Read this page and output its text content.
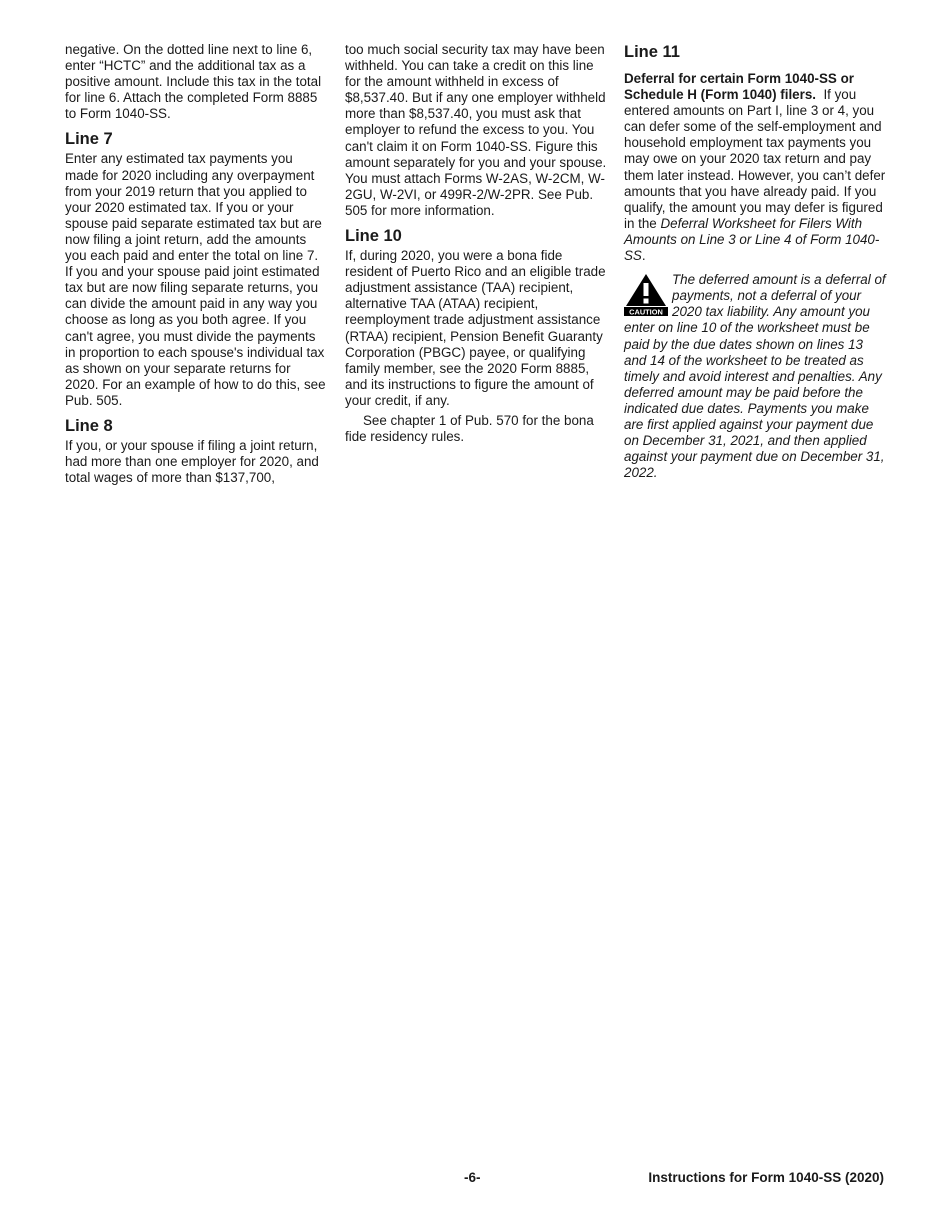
negative. On the dotted line next to line 6, enter “HCTC” and the additional tax as a positive amount. Include this tax in the total for line 6. Attach the completed Form 8885 to Form 1040-SS.

Line 7

Enter any estimated tax payments you made for 2020 including any overpayment from your 2019 return that you applied to your 2020 estimated tax. If you or your spouse paid separate estimated tax but are now filing a joint return, add the amounts you each paid and enter the total on line 7. If you and your spouse paid joint estimated tax but are now filing separate returns, you can divide the amount paid in any way you choose as long as you both agree. If you can't agree, you must divide the payments in proportion to each spouse's individual tax as shown on your separate returns for 2020. For an example of how to do this, see Pub. 505.

Line 8

If you, or your spouse if filing a joint return, had more than one employer for 2020, and total wages of more than $137,700,

too much social security tax may have been withheld. You can take a credit on this line for the amount withheld in excess of $8,537.40. But if any one employer withheld more than $8,537.40, you must ask that employer to refund the excess to you. You can't claim it on Form 1040-SS. Figure this amount separately for you and your spouse. You must attach Forms W-2AS, W-2CM, W-2GU, W-2VI, or 499R-2/W-2PR. See Pub. 505 for more information.

Line 10

If, during 2020, you were a bona fide resident of Puerto Rico and an eligible trade adjustment assistance (TAA) recipient, alternative TAA (ATAA) recipient, reemployment trade adjustment assistance (RTAA) recipient, Pension Benefit Guaranty Corporation (PBGC) payee, or qualifying family member, see the 2020 Form 8885, and its instructions to figure the amount of your credit, if any.

See chapter 1 of Pub. 570 for the bona fide residency rules.

Line 11

Deferral for certain Form 1040-SS or Schedule H (Form 1040) filers. If you entered amounts on Part I, line 3 or 4, you can defer some of the self-employment and household employment tax payments you may owe on your 2020 tax return and pay them later instead. However, you can’t defer amounts that you have already paid. If you qualify, the amount you may defer is figured in the Deferral Worksheet for Filers With Amounts on Line 3 or Line 4 of Form 1040-SS.

CAUTION

The deferred amount is a deferral of payments, not a deferral of your 2020 tax liability. Any amount you enter on line 10 of the worksheet must be paid by the due dates shown on lines 13 and 14 of the worksheet to be treated as timely and avoid interest and penalties. Any deferred amount may be paid before the indicated due dates. Payments you make are first applied against your payment due on December 31, 2021, and then applied against your payment due on December 31, 2022.

-6-	Instructions for Form 1040-SS (2020)
